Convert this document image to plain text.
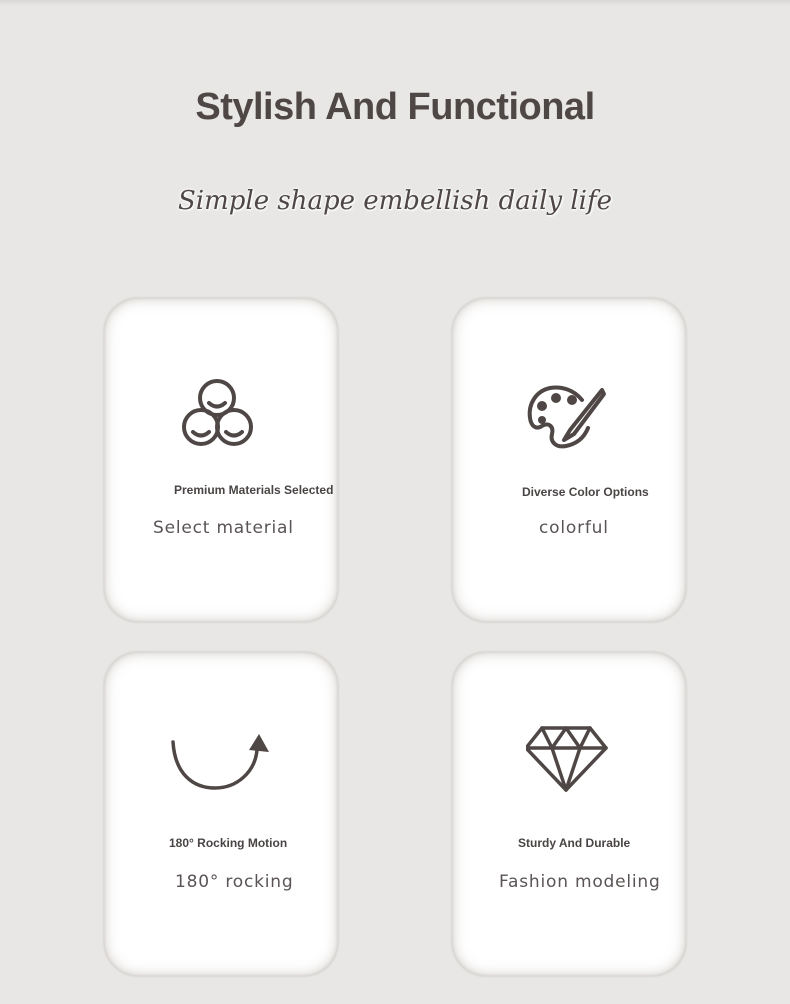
Stylish And Functional
Simple shape embellish daily life
Premium Materials Selected
Select material
Diverse Color Options
colorful
180° Rocking Motion
180° rocking
Sturdy And Durable
Fashion modeling
